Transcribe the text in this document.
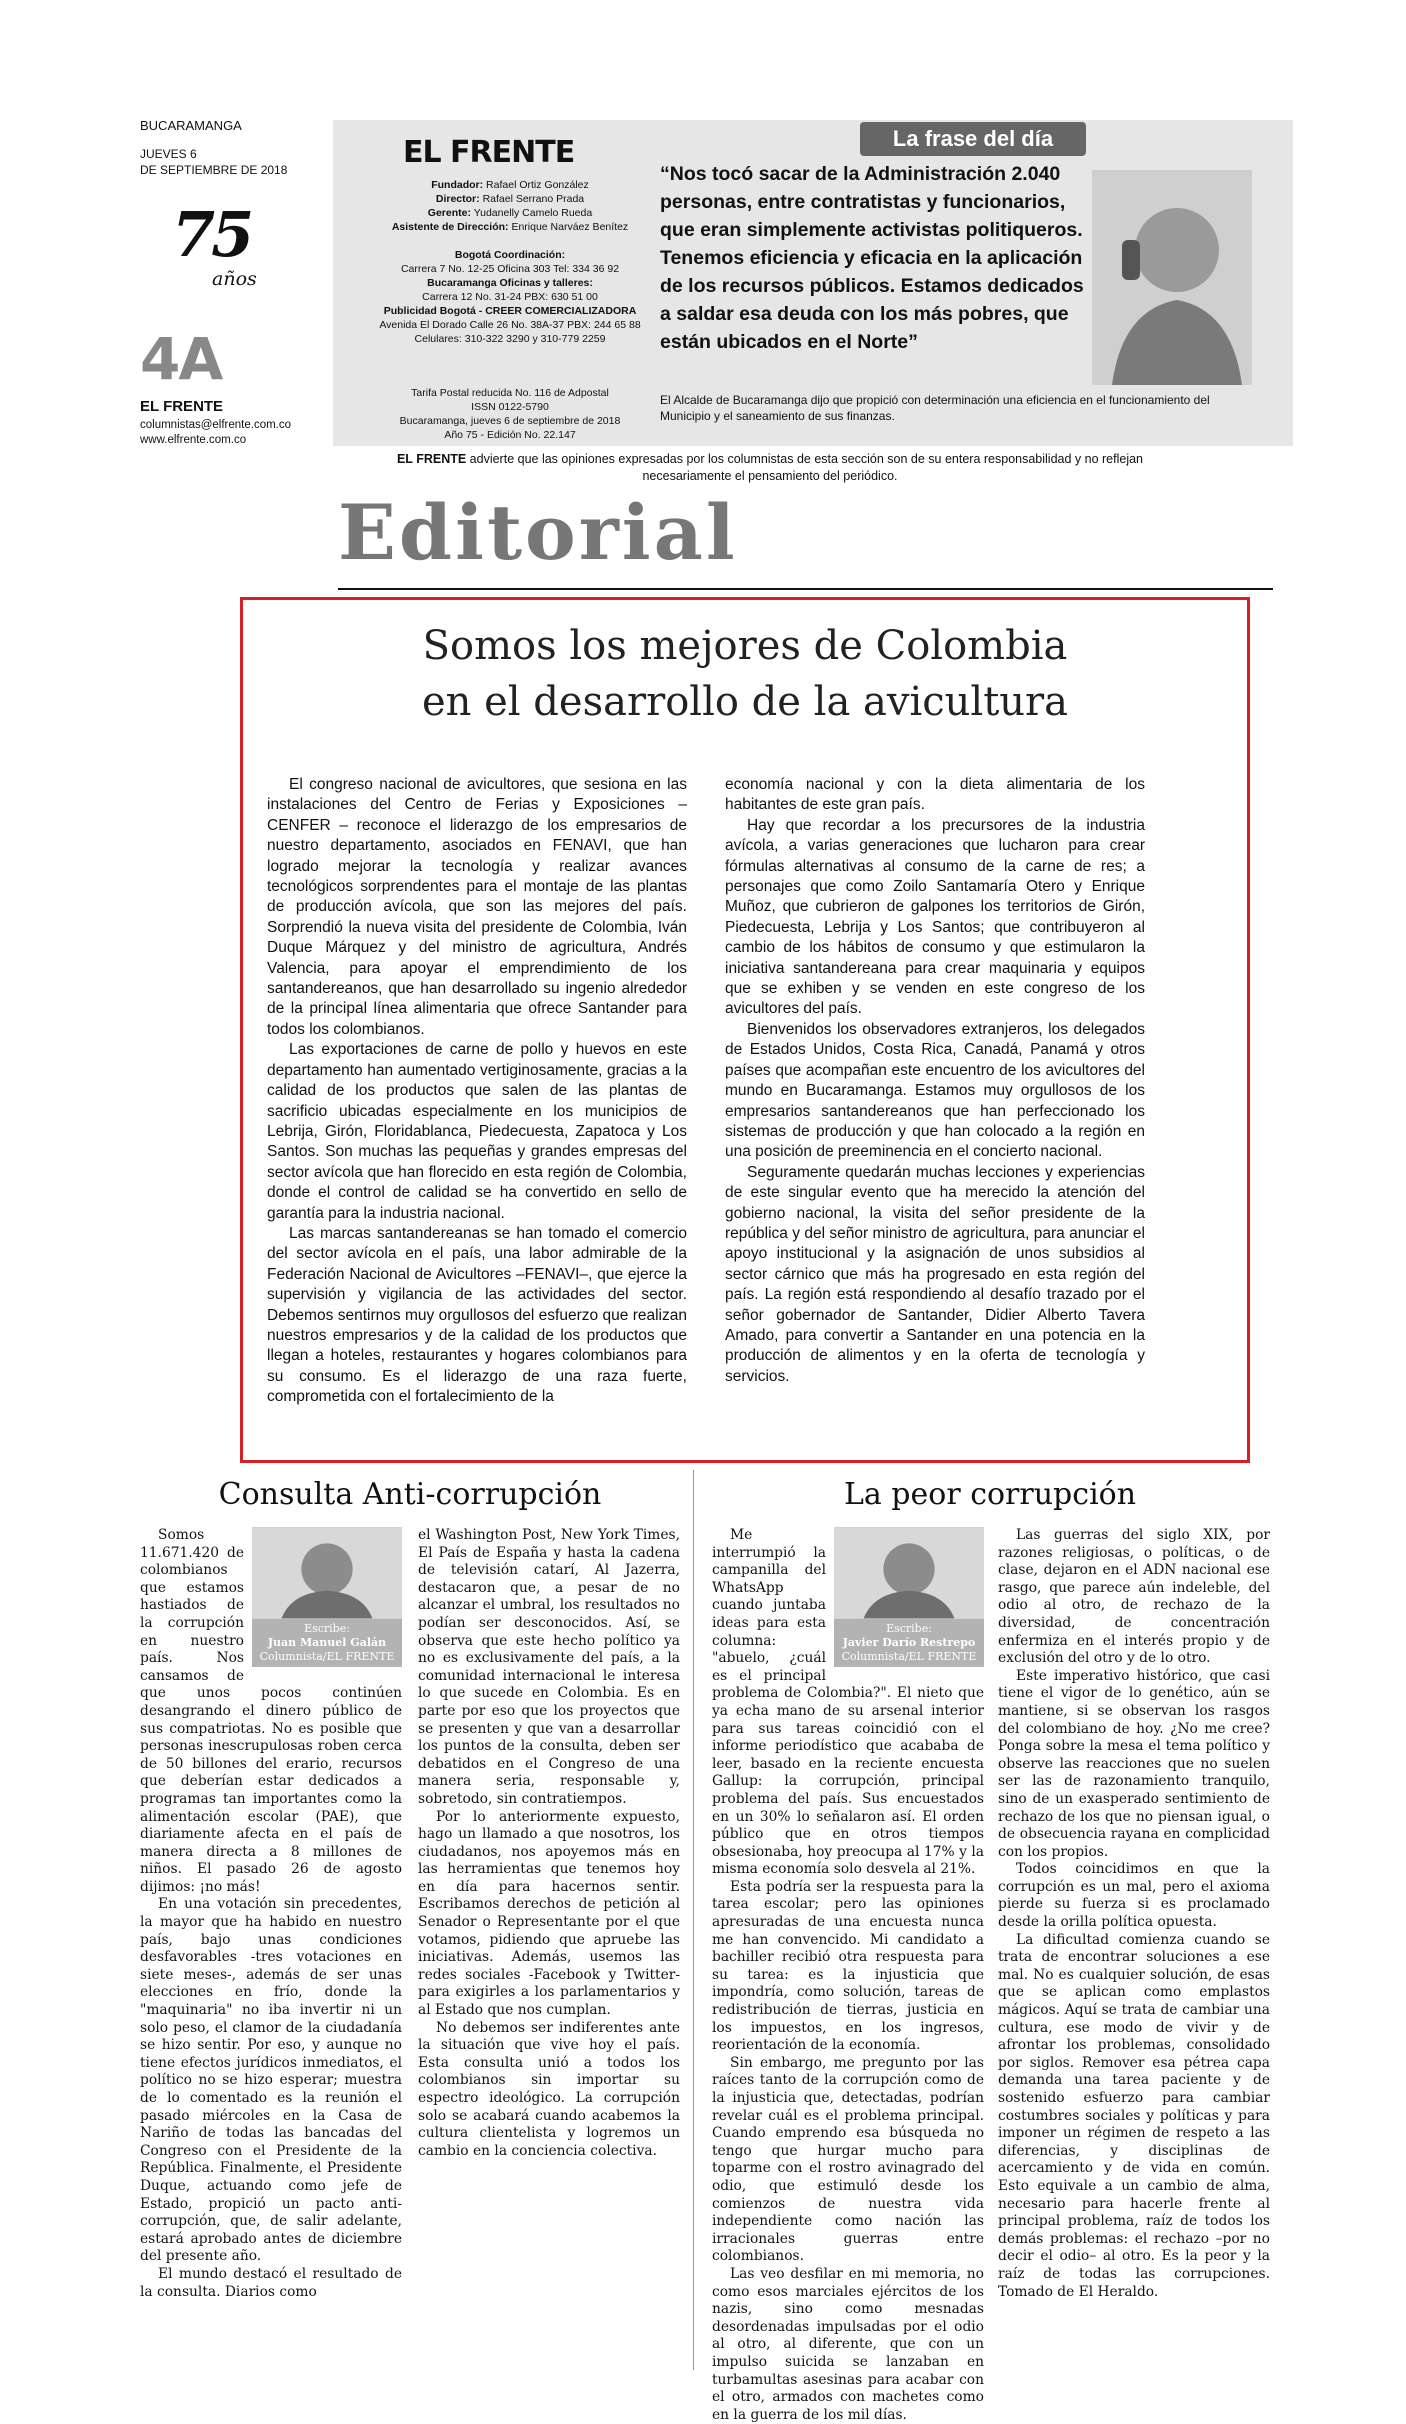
BUCARAMANGA
JUEVES 6
DE SEPTIEMBRE DE 2018
75
años
4A
EL FRENTE
columnistas@elfrente.com.co
www.elfrente.com.co
EL FRENTE
Fundador: Rafael Ortiz González
Director: Rafael Serrano Prada
Gerente: Yudanelly Camelo Rueda
Asistente de Dirección: Enrique Narváez Benítez
Bogotá Coordinación:
Carrera 7 No. 12-25 Oficina 303 Tel: 334 36 92
Bucaramanga Oficinas y talleres:
Carrera 12 No. 31-24 PBX: 630 51 00
Publicidad Bogotá - CREER COMERCIALIZADORA
Avenida El Dorado Calle 26 No. 38A-37 PBX: 244 65 88
Celulares: 310-322 3290 y 310-779 2259
Tarifa Postal reducida No. 116 de Adpostal
ISSN 0122-5790
Bucaramanga, jueves 6 de septiembre de 2018
Año 75 - Edición No. 22.147
La frase del día
“Nos tocó sacar de la Administración 2.040 personas, entre contratistas y funcionarios, que eran simplemente activistas politiqueros. Tenemos eficiencia y eficacia en la aplicación de los recursos públicos. Estamos dedicados a saldar esa deuda con los más pobres, que están ubicados en el Norte”
El Alcalde de Bucaramanga dijo que propició con determinación una eficiencia en el funcionamiento del Municipio y el saneamiento de sus finanzas.
EL FRENTE advierte que las opiniones expresadas por los columnistas de esta sección son de su entera responsabilidad y no reflejan necesariamente el pensamiento del periódico.
Editorial
Somos los mejores de Colombia
en el desarrollo de la avicultura

El congreso nacional de avicultores, que sesiona en las instalaciones del Centro de Ferias y Exposiciones – CENFER – reconoce el liderazgo de los empresarios de nuestro departamento, asociados en FENAVI, que han logrado mejorar la tecnología y realizar avances tecnológicos sorprendentes para el montaje de las plantas de producción avícola, que son las mejores del país. Sorprendió la nueva visita del presidente de Colombia, Iván Duque Márquez y del ministro de agricultura, Andrés Valencia, para apoyar el emprendimiento de los santandereanos, que han desarrollado su ingenio alrededor de la principal línea alimentaria que ofrece Santander para todos los colombianos.

Las exportaciones de carne de pollo y huevos en este departamento han aumentado vertiginosamente, gracias a la calidad de los productos que salen de las plantas de sacrificio ubicadas especialmente en los municipios de Lebrija, Girón, Floridablanca, Piedecuesta, Zapatoca y Los Santos. Son muchas las pequeñas y grandes empresas del sector avícola que han florecido en esta región de Colombia, donde el control de calidad se ha convertido en sello de garantía para la industria nacional.

Las marcas santandereanas se han tomado el comercio del sector avícola en el país, una labor admirable de la Federación Nacional de Avicultores –FENAVI–, que ejerce la supervisión y vigilancia de las actividades del sector. Debemos sentirnos muy orgullosos del esfuerzo que realizan nuestros empresarios y de la calidad de los productos que llegan a hoteles, restaurantes y hogares colombianos para su consumo. Es el liderazgo de una raza fuerte, comprometida con el fortalecimiento de la

economía nacional y con la dieta alimentaria de los habitantes de este gran país.

Hay que recordar a los precursores de la industria avícola, a varias generaciones que lucharon para crear fórmulas alternativas al consumo de la carne de res; a personajes que como Zoilo Santamaría Otero y Enrique Muñoz, que cubrieron de galpones los territorios de Girón, Piedecuesta, Lebrija y Los Santos; que contribuyeron al cambio de los hábitos de consumo y que estimularon la iniciativa santandereana para crear maquinaria y equipos que se exhiben y se venden en este congreso de los avicultores del país.

Bienvenidos los observadores extranjeros, los delegados de Estados Unidos, Costa Rica, Canadá, Panamá y otros países que acompañan este encuentro de los avicultores del mundo en Bucaramanga. Estamos muy orgullosos de los empresarios santandereanos que han perfeccionado los sistemas de producción y que han colocado a la región en una posición de preeminencia en el concierto nacional.

Seguramente quedarán muchas lecciones y experiencias de este singular evento que ha merecido la atención del gobierno nacional, la visita del señor presidente de la república y del señor ministro de agricultura, para anunciar el apoyo institucional y la asignación de unos subsidios al sector cárnico que más ha progresado en esta región del país. La región está respondiendo al desafío trazado por el señor gobernador de Santander, Didier Alberto Tavera Amado, para convertir a Santander en una potencia en la producción de alimentos y en la oferta de tecnología y servicios.

Consulta Anti-corrupción	La peor corrupción
Escribe:
Juan Manuel Galán
Columnista/EL FRENTE

Somos 11.671.420 de colombianos que estamos hastiados de la corrupción en nuestro país. Nos cansamos de que unos pocos continúen desangrando el dinero público de sus compatriotas. No es posible que personas inescrupulosas roben cerca de 50 billones del erario, recursos que deberían estar dedicados a programas tan importantes como la alimentación escolar (PAE), que diariamente afecta en el país de manera directa a 8 millones de niños. El pasado 26 de agosto dijimos: ¡no más!

En una votación sin precedentes, la mayor que ha habido en nuestro país, bajo unas condiciones desfavorables -tres votaciones en siete meses-, además de ser unas elecciones en frío, donde la "maquinaria" no iba invertir ni un solo peso, el clamor de la ciudadanía se hizo sentir. Por eso, y aunque no tiene efectos jurídicos inmediatos, el político no se hizo esperar; muestra de lo comentado es la reunión el pasado miércoles en la Casa de Nariño de todas las bancadas del Congreso con el Presidente de la República. Finalmente, el Presidente Duque, actuando como jefe de Estado, propició un pacto anti-corrupción, que, de salir adelante, estará aprobado antes de diciembre del presente año.

El mundo destacó el resultado de la consulta. Diarios como

el Washington Post, New York Times, El País de España y hasta la cadena de televisión catarí, Al Jazerra, destacaron que, a pesar de no alcanzar el umbral, los resultados no podían ser desconocidos. Así, se observa que este hecho político ya no es exclusivamente del país, a la comunidad internacional le interesa lo que sucede en Colombia. Es en parte por eso que los proyectos que se presenten y que van a desarrollar los puntos de la consulta, deben ser debatidos en el Congreso de una manera seria, responsable y, sobretodo, sin contratiempos.

Por lo anteriormente expuesto, hago un llamado a que nosotros, los ciudadanos, nos apoyemos más en las herramientas que tenemos hoy en día para hacernos sentir. Escribamos derechos de petición al Senador o Representante por el que votamos, pidiendo que apruebe las iniciativas. Además, usemos las redes sociales -Facebook y Twitter- para exigirles a los parlamentarios y al Estado que nos cumplan.

No debemos ser indiferentes ante la situación que vive hoy el país. Esta consulta unió a todos los colombianos sin importar su espectro ideológico. La corrupción solo se acabará cuando acabemos la cultura clientelista y logremos un cambio en la conciencia colectiva.

Escribe:
Javier Darío Restrepo
Columnista/EL FRENTE

Me interrumpió la campanilla del WhatsApp cuando juntaba ideas para esta columna: "abuelo, ¿cuál es el principal problema de Colombia?". El nieto que ya echa mano de su arsenal interior para sus tareas coincidió con el informe periodístico que acababa de leer, basado en la reciente encuesta Gallup: la corrupción, principal problema del país. Sus encuestados en un 30% lo señalaron así. El orden público que en otros tiempos obsesionaba, hoy preocupa al 17% y la misma economía solo desvela al 21%.

Esta podría ser la respuesta para la tarea escolar; pero las opiniones apresuradas de una encuesta nunca me han convencido. Mi candidato a bachiller recibió otra respuesta para su tarea: es la injusticia que impondría, como solución, tareas de redistribución de tierras, justicia en los impuestos, en los ingresos, reorientación de la economía.

Sin embargo, me pregunto por las raíces tanto de la corrupción como de la injusticia que, detectadas, podrían revelar cuál es el problema principal. Cuando emprendo esa búsqueda no tengo que hurgar mucho para toparme con el rostro avinagrado del odio, que estimuló desde los comienzos de nuestra vida independiente como nación las irracionales guerras entre colombianos.

Las veo desfilar en mi memoria, no como esos marciales ejércitos de los nazis, sino como mesnadas desordenadas impulsadas por el odio al otro, al diferente, que con un impulso suicida se lanzaban en turbamultas asesinas para acabar con el otro, armados con machetes como en la guerra de los mil días.

Las guerras del siglo XIX, por razones religiosas, o políticas, o de clase, dejaron en el ADN nacional ese rasgo, que parece aún indeleble, del odio al otro, de rechazo de la diversidad, de concentración enfermiza en el interés propio y de exclusión del otro y de lo otro.

Este imperativo histórico, que casi tiene el vigor de lo genético, aún se mantiene, si se observan los rasgos del colombiano de hoy. ¿No me cree? Ponga sobre la mesa el tema político y observe las reacciones que no suelen ser las de razonamiento tranquilo, sino de un exasperado sentimiento de rechazo de los que no piensan igual, o de obsecuencia rayana en complicidad con los propios.

Todos coincidimos en que la corrupción es un mal, pero el axioma pierde su fuerza si es proclamado desde la orilla política opuesta.

La dificultad comienza cuando se trata de encontrar soluciones a ese mal. No es cualquier solución, de esas que se aplican como emplastos mágicos. Aquí se trata de cambiar una cultura, ese modo de vivir y de afrontar los problemas, consolidado por siglos. Remover esa pétrea capa demanda una tarea paciente y de sostenido esfuerzo para cambiar costumbres sociales y políticas y para imponer un régimen de respeto a las diferencias, y disciplinas de acercamiento y de vida en común. Esto equivale a un cambio de alma, necesario para hacerle frente al principal problema, raíz de todos los demás problemas: el rechazo –por no decir el odio– al otro. Es la peor y la raíz de todas las corrupciones. Tomado de El Heraldo.
